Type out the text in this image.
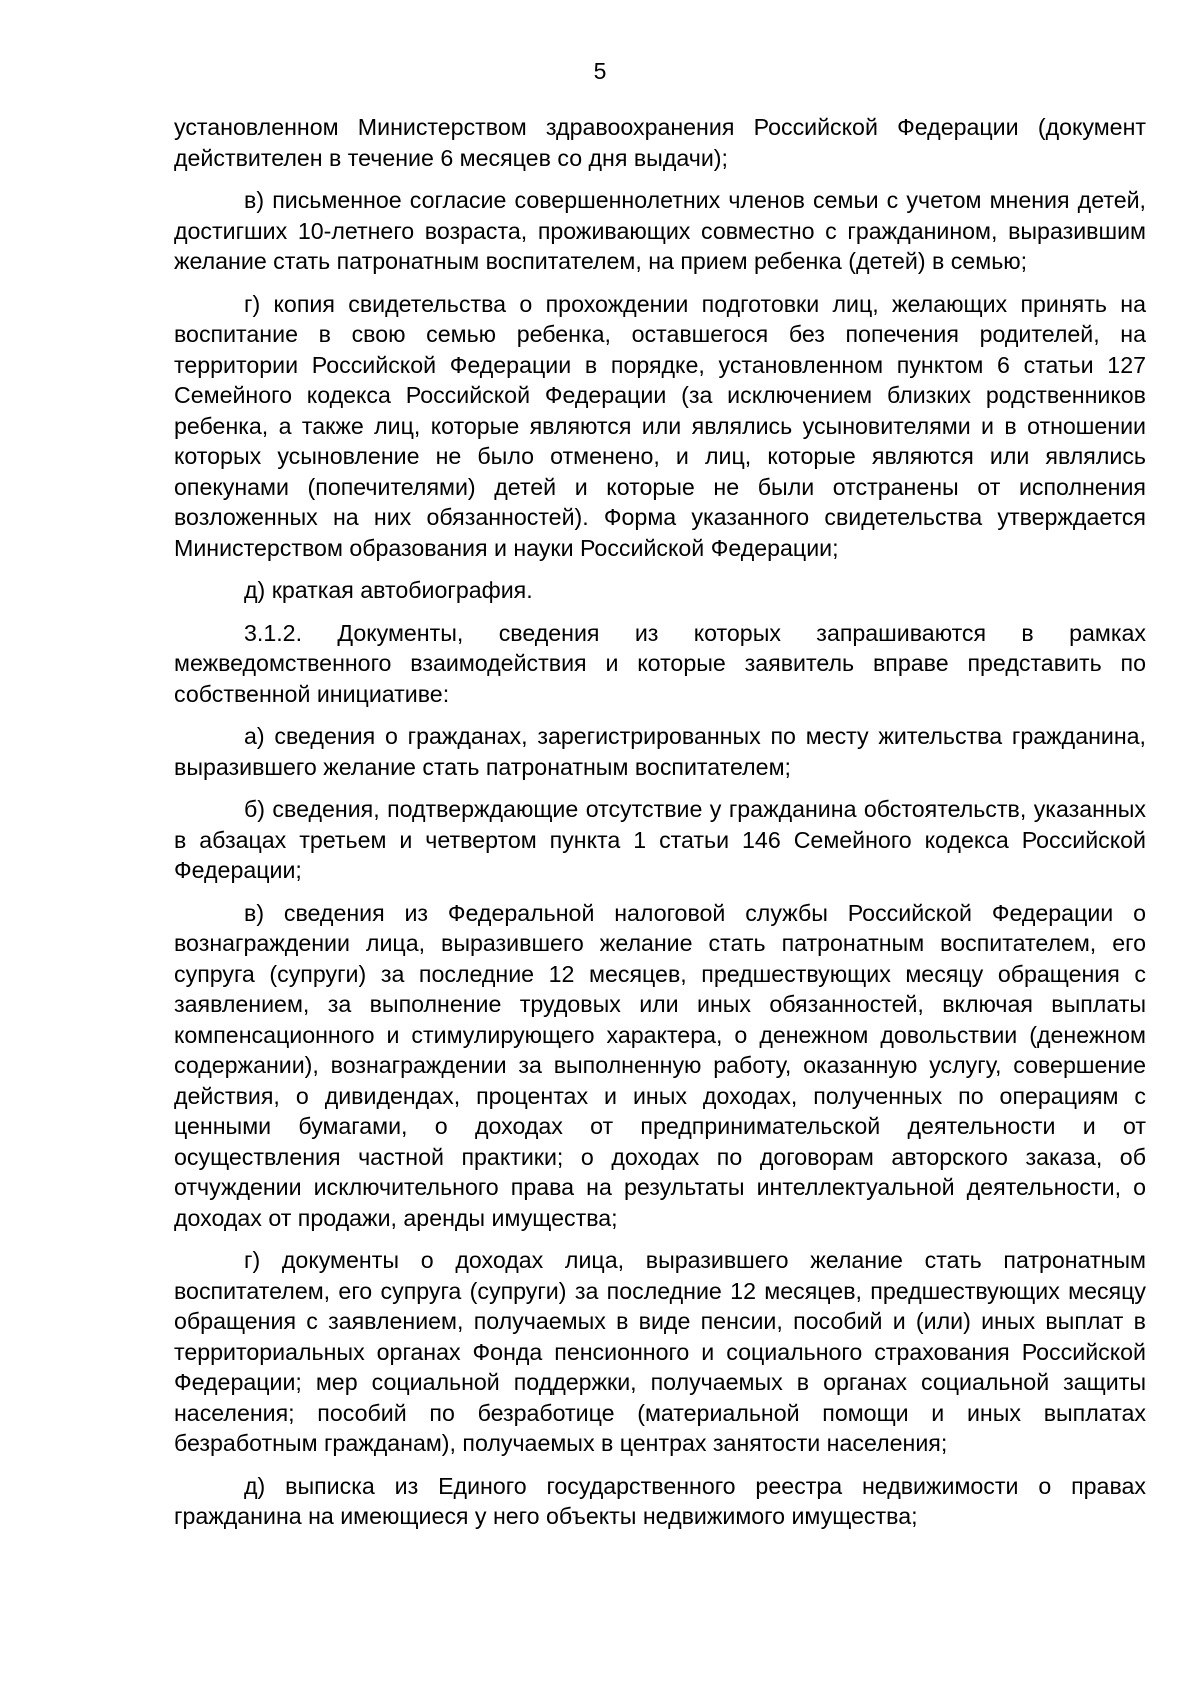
5

установленном Министерством здравоохранения Российской Федерации (документ действителен в течение 6 месяцев со дня выдачи);

в) письменное согласие совершеннолетних членов семьи с учетом мнения детей, достигших 10-летнего возраста, проживающих совместно с гражданином, выразившим желание стать патронатным воспитателем, на прием ребенка (детей) в семью;

г) копия свидетельства о прохождении подготовки лиц, желающих принять на воспитание в свою семью ребенка, оставшегося без попечения родителей, на территории Российской Федерации в порядке, установленном пунктом 6 статьи 127 Семейного кодекса Российской Федерации (за исключением близких родственников ребенка, а также лиц, которые являются или являлись усыновителями и в отношении которых усыновление не было отменено, и лиц, которые являются или являлись опекунами (попечителями) детей и которые не были отстранены от исполнения возложенных на них обязанностей). Форма указанного свидетельства утверждается Министерством образования и науки Российской Федерации;

д) краткая автобиография.

3.1.2. Документы, сведения из которых запрашиваются в рамках межведомственного взаимодействия и которые заявитель вправе представить по собственной инициативе:

а) сведения о гражданах, зарегистрированных по месту жительства гражданина, выразившего желание стать патронатным воспитателем;

б) сведения, подтверждающие отсутствие у гражданина обстоятельств, указанных в абзацах третьем и четвертом пункта 1 статьи 146 Семейного кодекса Российской Федерации;

в) сведения из Федеральной налоговой службы Российской Федерации о вознаграждении лица, выразившего желание стать патронатным воспитателем, его супруга (супруги) за последние 12 месяцев, предшествующих месяцу обращения с заявлением, за выполнение трудовых или иных обязанностей, включая выплаты компенсационного и стимулирующего характера, о денежном довольствии (денежном содержании), вознаграждении за выполненную работу, оказанную услугу, совершение действия, о дивидендах, процентах и иных доходах, полученных по операциям с ценными бумагами, о доходах от предпринимательской деятельности и от осуществления частной практики; о доходах по договорам авторского заказа, об отчуждении исключительного права на результаты интеллектуальной деятельности, о доходах от продажи, аренды имущества;

г) документы о доходах лица, выразившего желание стать патронатным воспитателем, его супруга (супруги) за последние 12 месяцев, предшествующих месяцу обращения с заявлением, получаемых в виде пенсии, пособий и (или) иных выплат в территориальных органах Фонда пенсионного и социального страхования Российской Федерации; мер социальной поддержки, получаемых в органах социальной защиты населения; пособий по безработице (материальной помощи и иных выплатах безработным гражданам), получаемых в центрах занятости населения;

д) выписка из Единого государственного реестра недвижимости о правах гражданина на имеющиеся у него объекты недвижимого имущества;
